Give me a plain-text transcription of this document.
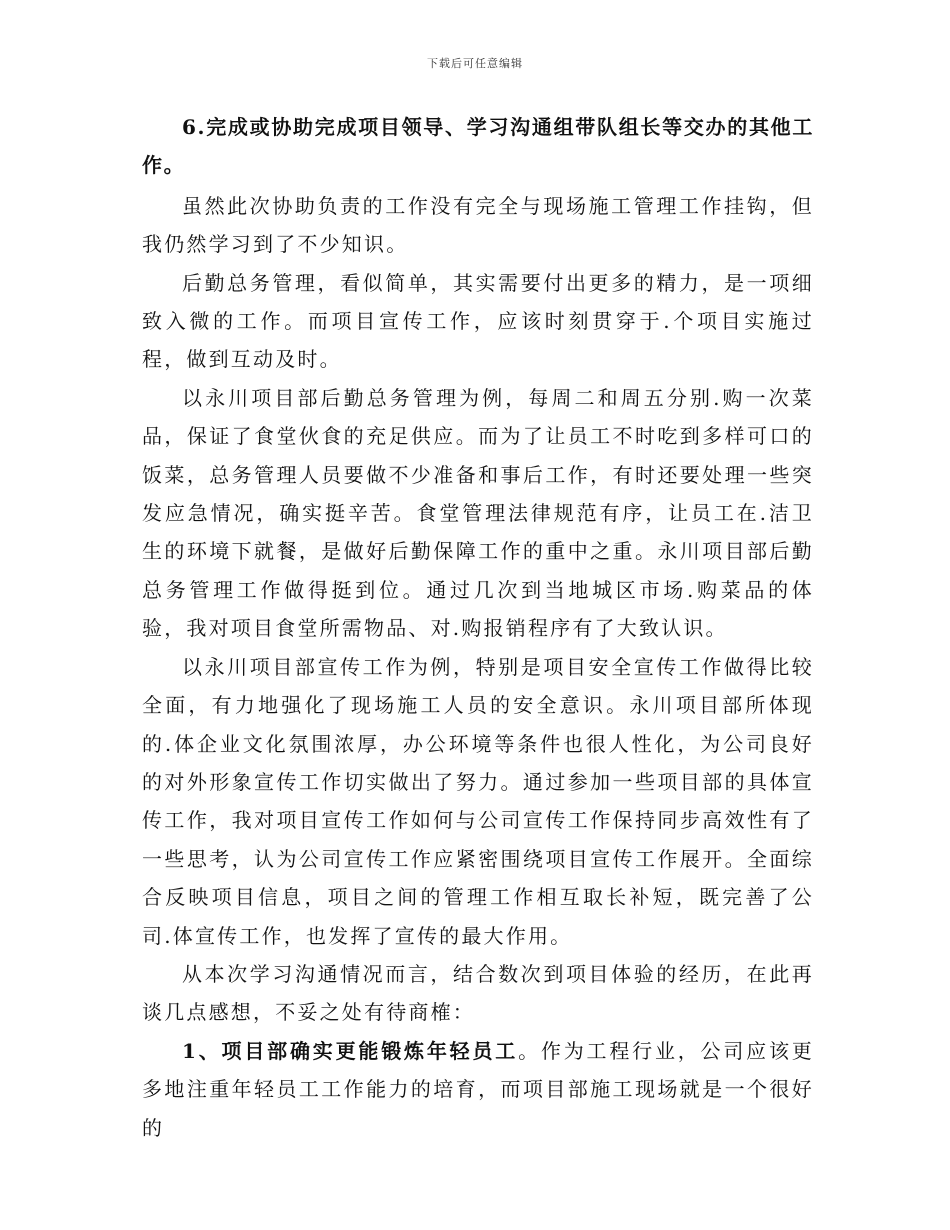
下载后可任意编辑

6.完成或协助完成项目领导、学习沟通组带队组长等交办的其他工作。

虽然此次协助负责的工作没有完全与现场施工管理工作挂钩，但我仍然学习到了不少知识。

后勤总务管理，看似简单，其实需要付出更多的精力，是一项细致入微的工作。而项目宣传工作，应该时刻贯穿于.个项目实施过程，做到互动及时。

以永川项目部后勤总务管理为例，每周二和周五分别.购一次菜品，保证了食堂伙食的充足供应。而为了让员工不时吃到多样可口的饭菜，总务管理人员要做不少准备和事后工作，有时还要处理一些突发应急情况，确实挺辛苦。食堂管理法律规范有序，让员工在.洁卫生的环境下就餐，是做好后勤保障工作的重中之重。永川项目部后勤总务管理工作做得挺到位。通过几次到当地城区市场.购菜品的体验，我对项目食堂所需物品、对.购报销程序有了大致认识。

以永川项目部宣传工作为例，特别是项目安全宣传工作做得比较全面，有力地强化了现场施工人员的安全意识。永川项目部所体现的.体企业文化氛围浓厚，办公环境等条件也很人性化，为公司良好的对外形象宣传工作切实做出了努力。通过参加一些项目部的具体宣传工作，我对项目宣传工作如何与公司宣传工作保持同步高效性有了一些思考，认为公司宣传工作应紧密围绕项目宣传工作展开。全面综合反映项目信息，项目之间的管理工作相互取长补短，既完善了公司.体宣传工作，也发挥了宣传的最大作用。

从本次学习沟通情况而言，结合数次到项目体验的经历，在此再谈几点感想，不妥之处有待商榷：

1、项目部确实更能锻炼年轻员工。作为工程行业，公司应该更多地注重年轻员工工作能力的培育，而项目部施工现场就是一个很好的
